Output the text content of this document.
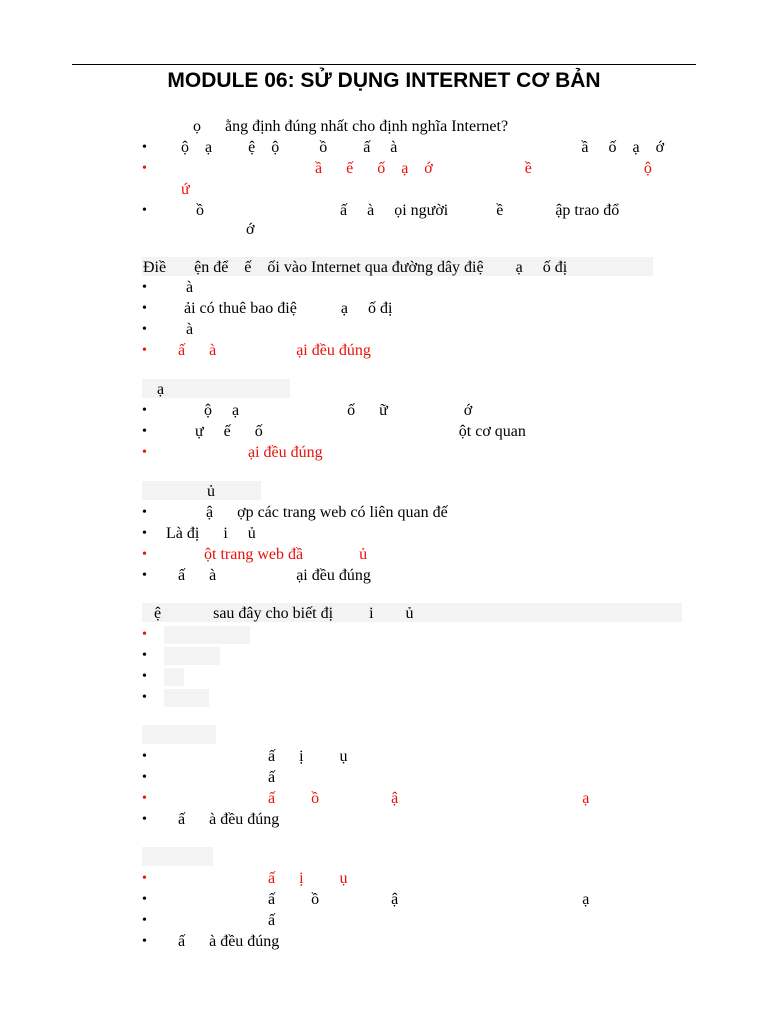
MODULE 06: SỬ DỤNG INTERNET CƠ BẢN
ọ      ằng định đúng nhất cho định nghĩa Internet?
• ộ    ạ         ệ    ộ          ồ         ấ     à                                              ầ     ố    ạ    ớ
•	ầ      ế      ố    ạ    ớ                       ề                            ộ
ứ
•	ồ                                  ấ     à     ọi người            ề             ập trao đổ
ớ
Điề       ện để    ế    ối vào Internet qua đường dây điệ        ạ     ố đị
• à
• ải có thuê bao điệ           ạ     ố đị
• à
• ấ      à                    ại đều đúng
ạ
•	ộ     ạ                           ố      ữ                   ớ
•	ự     ế      ố                                                 ột cơ quan
•	ại đều đúng
ủ
•	ậ      ợp các trang web có liên quan đế
• Là đị      i     ủ
•	ột trang web đầ              ủ
• ấ      à                    ại đều đúng
ệ             sau đây cho biết đị         i        ủ
•
•
•
•
•	ấ      ị         ụ
•	ấ
•	ấ         ồ                  ậ                                              ạ
• ấ      à đều đúng
•	ấ      ị         ụ
•	ấ         ồ                  ậ                                              ạ
•	ấ
• ấ      à đều đúng
